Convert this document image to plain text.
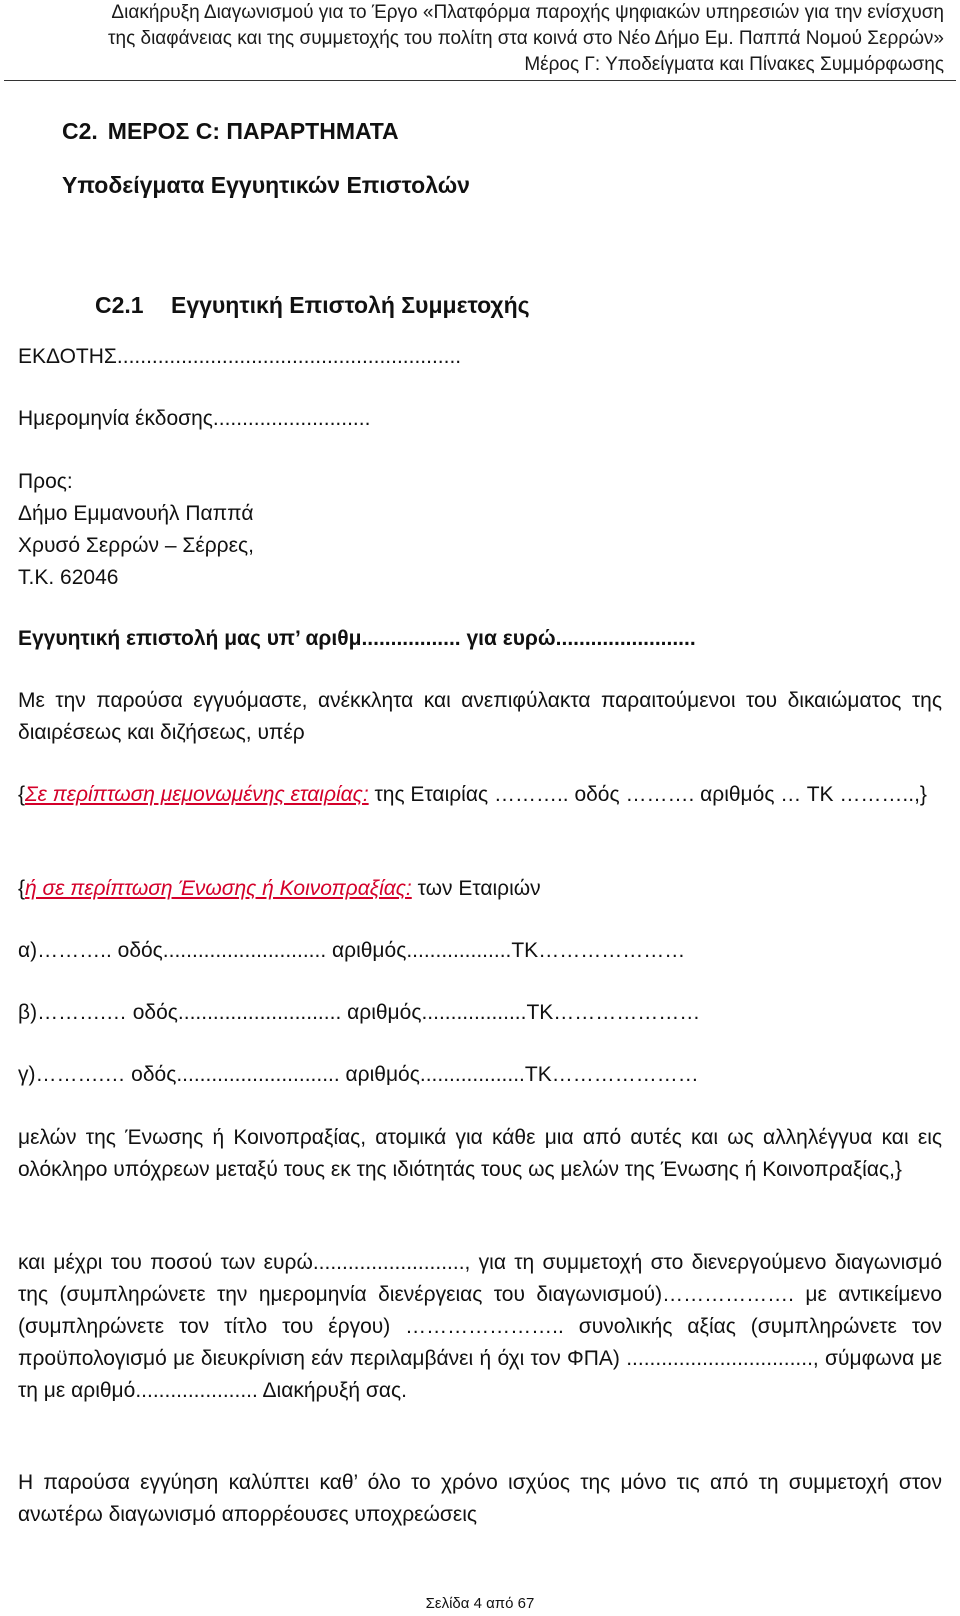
Διακήρυξη Διαγωνισμού για το Έργο «Πλατφόρμα παροχής ψηφιακών υπηρεσιών για την ενίσχυση
της διαφάνειας και της συμμετοχής του πολίτη στα κοινά στο Νέο Δήμο Εμ. Παππά Νομού Σερρών»
Μέρος Γ: Υποδείγματα και Πίνακες Συμμόρφωσης
C2. ΜΕΡΟΣ C: ΠΑΡΑΡΤΗΜΑΤΑ
Υποδείγματα Εγγυητικών Επιστολών
C2.1 Εγγυητική Επιστολή Συμμετοχής
ΕΚΔΟΤΗΣ...........................................................
Ημερομηνία έκδοσης...........................
Προς:
Δήμο Εμμανουήλ Παππά
Χρυσό Σερρών – Σέρρες,
Τ.Κ. 62046
Εγγυητική επιστολή μας υπ’ αριθμ................. για ευρώ........................
Με την παρούσα εγγυόμαστε, ανέκκλητα και ανεπιφύλακτα παραιτούμενοι του δικαιώματος της διαιρέσεως και διζήσεως, υπέρ
{Σε περίπτωση μεμονωμένης εταιρίας: της Εταιρίας ……….. οδός ………. αριθμός … ΤΚ ………..,}
{ή σε περίπτωση Ένωσης ή Κοινοπραξίας: των Εταιριών
α)……….. οδός............................ αριθμός..................ΤΚ…………………
β)……….… οδός............................ αριθμός..................ΤΚ…………………
γ)……….… οδός............................ αριθμός..................ΤΚ…………………
μελών της Ένωσης ή Κοινοπραξίας, ατομικά για κάθε μια από αυτές και ως αλληλέγγυα και εις ολόκληρο υπόχρεων μεταξύ τους εκ της ιδιότητάς τους ως μελών της Ένωσης ή Κοινοπραξίας,}
και μέχρι του ποσού των ευρώ.........................., για τη συμμετοχή στο διενεργούμενο διαγωνισμό της (συμπληρώνετε την ημερομηνία διενέργειας του διαγωνισμού)………………. με αντικείμενο (συμπληρώνετε τον τίτλο του έργου) ………………….. συνολικής αξίας (συμπληρώνετε τον προϋπολογισμό με διευκρίνιση εάν περιλαμβάνει ή όχι τον ΦΠΑ) ................................, σύμφωνα με τη με αριθμό..................... Διακήρυξή σας.
Η παρούσα εγγύηση καλύπτει καθ’ όλο το χρόνο ισχύος της μόνο τις από τη συμμετοχή στον ανωτέρω διαγωνισμό απορρέουσες υποχρεώσεις
Σελίδα 4 από 67
